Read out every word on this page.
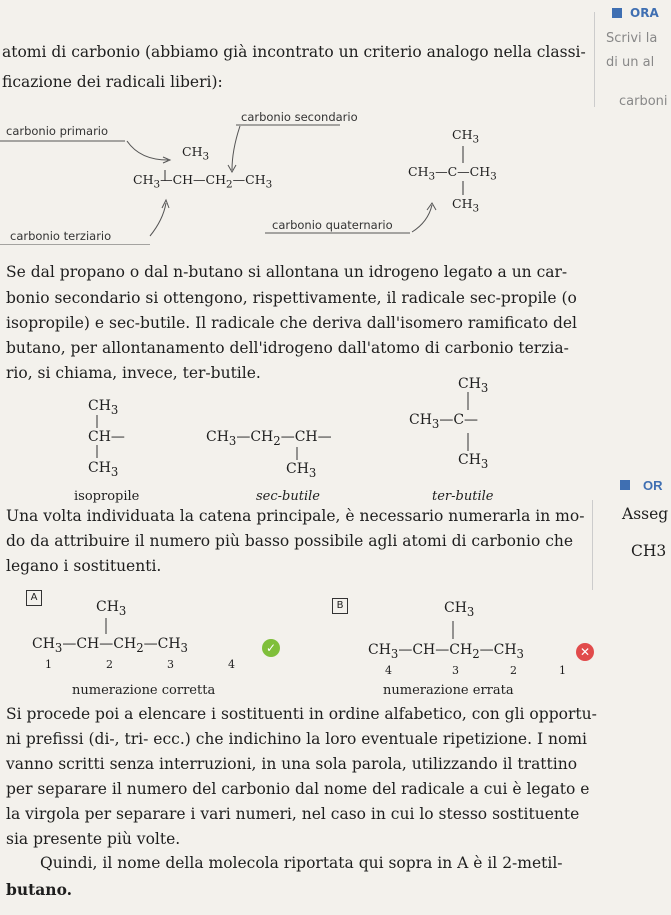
ORA
Scrivi la
di un al
carboni
OR
Asseg
CH3
atomi di carbonio (abbiamo già incontrato un criterio analogo nella classi-
ficazione dei radicali liberi):
carbonio primario
carbonio secondario
carbonio terziario
carbonio quaternario
$CH_3$
$CH_3—CH—CH_2—CH_3$
$CH_3$
$CH_3—C—CH_3$
$CH_3$
Se dal propano o dal n-butano si allontana un idrogeno legato a un car-
bonio secondario si ottengono, rispettivamente, il radicale sec-propile (o
isopropile) e sec-butile. Il radicale che deriva dall'isomero ramificato del
butano, per allontanamento dell'idrogeno dall'atomo di carbonio terzia-
rio, si chiama, invece, ter-butile.
$CH_3$
CH—
$CH_3$
$CH_3—CH_2—CH—$
$CH_3$
$CH_3$
$CH_3—C—$
$CH_3$
isopropile	sec-butile	ter-butile
Una volta individuata la catena principale, è necessario numerarla in mo-
do da attribuire il numero più basso possibile agli atomi di carbonio che
legano i sostituenti.
A
$CH_3$
$CH_3—CH—CH_2—CH_3$
1	2	3	4
✓
numerazione corretta
B	$CH_3$
$CH_3—CH—CH_2—CH_3$
4	3	2	1
✕
numerazione errata
Si procede poi a elencare i sostituenti in ordine alfabetico, con gli opportu-
ni prefissi (di-, tri- ecc.) che indichino la loro eventuale ripetizione. I nomi
vanno scritti senza interruzioni, in una sola parola, utilizzando il trattino
per separare il numero del carbonio dal nome del radicale a cui è legato e
la virgola per separare i vari numeri, nel caso in cui lo stesso sostituente
sia presente più volte.
Quindi, il nome della molecola riportata qui sopra in A è il 2-metil-
butano.
